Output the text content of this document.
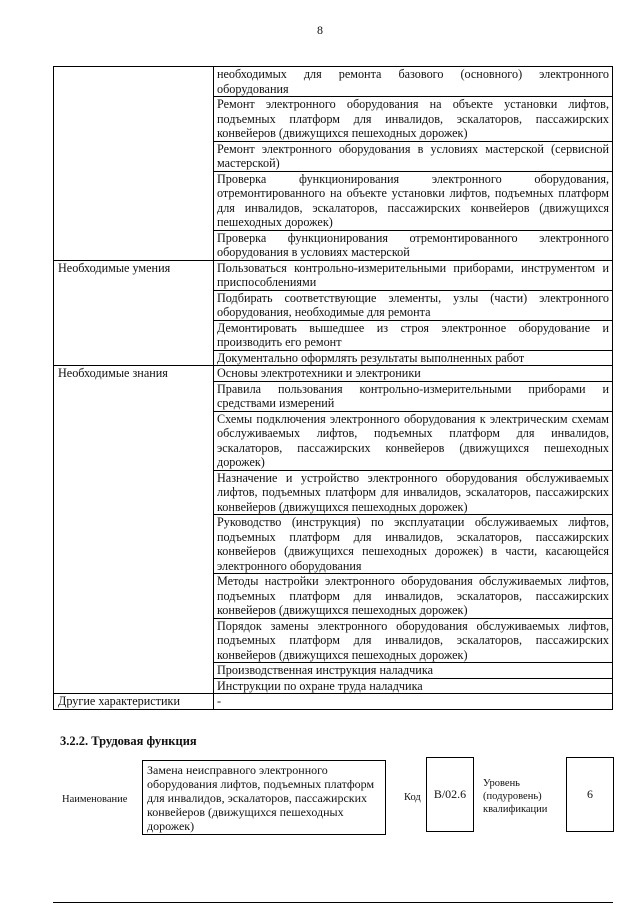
8
	необходимых для ремонта базового (основного) электронного оборудования
	Ремонт электронного оборудования на объекте установки лифтов, подъемных платформ для инвалидов, эскалаторов, пассажирских конвейеров (движущихся пешеходных дорожек)
	Ремонт электронного оборудования в условиях мастерской (сервисной мастерской)
	Проверка функционирования электронного оборудования, отремонтированного на объекте установки лифтов, подъемных платформ для инвалидов, эскалаторов, пассажирских конвейеров (движущихся пешеходных дорожек)
	Проверка функционирования отремонтированного электронного оборудования в условиях мастерской
Необходимые умения	Пользоваться контрольно-измерительными приборами, инструментом и приспособлениями
	Подбирать соответствующие элементы, узлы (части) электронного оборудования, необходимые для ремонта
	Демонтировать вышедшее из строя электронное оборудование и производить его ремонт
	Документально оформлять результаты выполненных работ
Необходимые знания	Основы электротехники и электроники
	Правила пользования контрольно-измерительными приборами и средствами измерений
	Схемы подключения электронного оборудования к электрическим схемам обслуживаемых лифтов, подъемных платформ для инвалидов, эскалаторов, пассажирских конвейеров (движущихся пешеходных дорожек)
	Назначение и устройство электронного оборудования обслуживаемых лифтов, подъемных платформ для инвалидов, эскалаторов, пассажирских конвейеров (движущихся пешеходных дорожек)
	Руководство (инструкция) по эксплуатации обслуживаемых лифтов, подъемных платформ для инвалидов, эскалаторов, пассажирских конвейеров (движущихся пешеходных дорожек) в части, касающейся электронного оборудования
	Методы настройки электронного оборудования обслуживаемых лифтов, подъемных платформ для инвалидов, эскалаторов, пассажирских конвейеров (движущихся пешеходных дорожек)
	Порядок замены электронного оборудования обслуживаемых лифтов, подъемных платформ для инвалидов, эскалаторов, пассажирских конвейеров (движущихся пешеходных дорожек)
	Производственная инструкция наладчика
	Инструкции по охране труда наладчика
Другие характеристики	-
3.2.2. Трудовая функция
Наименование
Замена неисправного электронного оборудования лифтов, подъемных платформ для инвалидов, эскалаторов, пассажирских конвейеров (движущихся пешеходных дорожек)
Код B/02.6
Уровень (подуровень) квалификации
6
